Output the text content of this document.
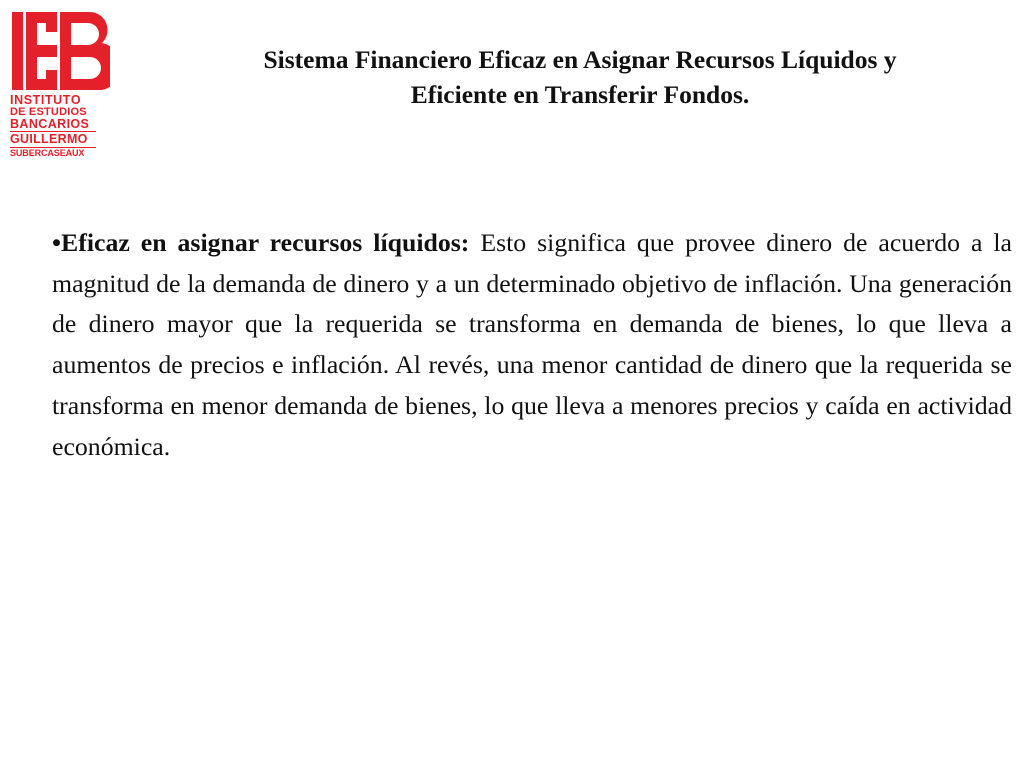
INSTITUTO
DE ESTUDIOS
BANCARIOS
GUILLERMO
SUBERCASEAUX
Sistema Financiero Eficaz en Asignar Recursos Líquidos y
Eficiente en Transferir Fondos.

•Eficaz en asignar recursos líquidos: Esto significa que provee dinero de acuerdo a la magnitud de la demanda de dinero y a un determinado objetivo de inflación. Una generación de dinero mayor que la requerida se transforma en demanda de bienes, lo que lleva a aumentos de precios e inflación. Al revés, una menor cantidad de dinero que la requerida se transforma en menor demanda de bienes, lo que lleva a menores precios y caída en actividad económica.
